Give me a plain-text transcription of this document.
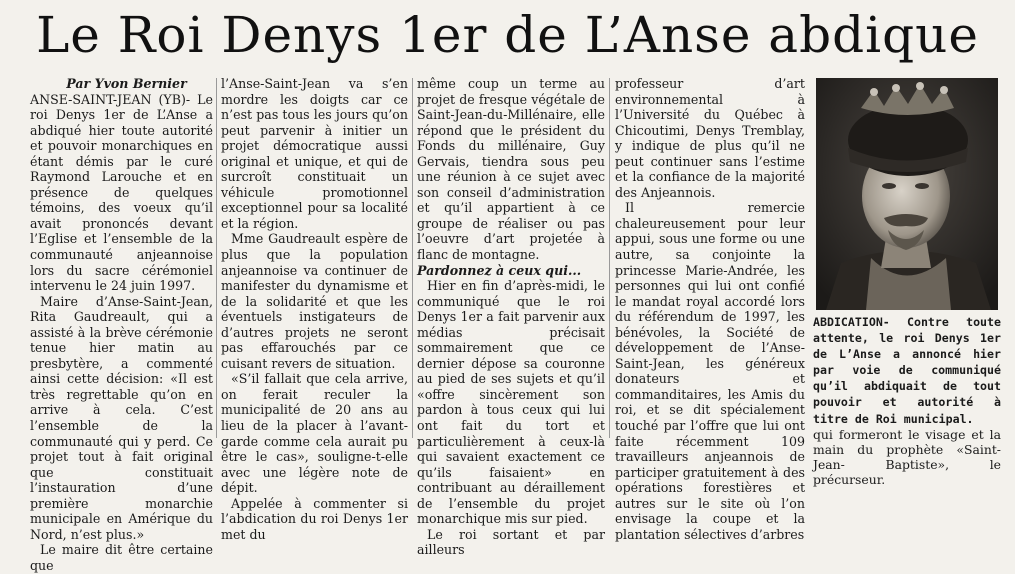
Le Roi Denys 1er de L’Anse abdique

Par Yvon Bernier

ANSE-SAINT-JEAN (YB)- Le roi Denys 1er de L’Anse a abdiqué hier toute autorité et pouvoir monarchiques en étant démis par le curé Raymond Larouche et en présence de quelques témoins, des voeux qu’il avait prononcés devant l’Eglise et l’ensemble de la communauté anjeannoise lors du sacre cérémoniel intervenu le 24 juin 1997.

Maire d’Anse-Saint-Jean, Rita Gaudreault, qui a assisté à la brève cérémonie tenue hier matin au presbytère, a commenté ainsi cette décision: «Il est très regrettable qu’on en arrive à cela. C’est l’ensemble de la communauté qui y perd. Ce projet tout à fait original que constituait l’instauration d’une première monarchie municipale en Amérique du Nord, n’est plus.»

Le maire dit être certaine que

l’Anse-Saint-Jean va s’en mordre les doigts car ce n’est pas tous les jours qu’on peut parvenir à initier un projet démocratique aussi original et unique, et qui de surcroît constituait un véhicule promotionnel exceptionnel pour sa localité et la région.

Mme Gaudreault espère de plus que la population anjeannoise va continuer de manifester du dynamisme et de la solidarité et que les éventuels instigateurs de d’autres projets ne seront pas effarouchés par ce cuisant revers de situation.

«S’il fallait que cela arrive, on ferait reculer la municipalité de 20 ans au lieu de la placer à l’avant-garde comme cela aurait pu être le cas», souligne-t-elle avec une légère note de dépit.

Appelée à commenter si l’abdication du roi Denys 1er met du

même coup un terme au projet de fresque végétale de Saint-Jean-du-Millénaire, elle répond que le président du Fonds du millénaire, Guy Gervais, tiendra sous peu une réunion à ce sujet avec son conseil d’administration et qu’il appartient à ce groupe de réaliser ou pas l’oeuvre d’art projetée à flanc de montagne.

Pardonnez à ceux qui...

Hier en fin d’après-midi, le communiqué que le roi Denys 1er a fait parvenir aux médias précisait sommairement que ce dernier dépose sa couronne au pied de ses sujets et qu’il «offre sincèrement son pardon à tous ceux qui lui ont fait du tort et particulièrement à ceux-là qui savaient exactement ce qu’ils faisaient» en contribuant au déraillement de l’ensemble du projet monarchique mis sur pied.

Le roi sortant et par ailleurs

professeur d’art environnemental à l’Université du Québec à Chicoutimi, Denys Tremblay, y indique de plus qu’il ne peut continuer sans l’estime et la confiance de la majorité des Anjeannois.

Il remercie chaleureusement pour leur appui, sous une forme ou une autre, sa conjointe la princesse Marie-Andrée, les personnes qui lui ont confié le mandat royal accordé lors du référendum de 1997, les bénévoles, la Société de développement de l’Anse-Saint-Jean, les généreux donateurs et commanditaires, les Amis du roi, et se dit spécialement touché par l’offre que lui ont faite récemment 109 travailleurs anjeannois de participer gratuitement à des opérations forestières et autres sur le site où l’on envisage la coupe et la plantation sélectives d’arbres

ABDICATION- Contre toute attente, le roi Denys 1er de L’Anse a annoncé hier par voie de communiqué qu’il abdiquait de tout pouvoir et autorité à titre de Roi municipal.

qui formeront le visage et la main du prophète «Saint-Jean- Baptiste», le précurseur.
